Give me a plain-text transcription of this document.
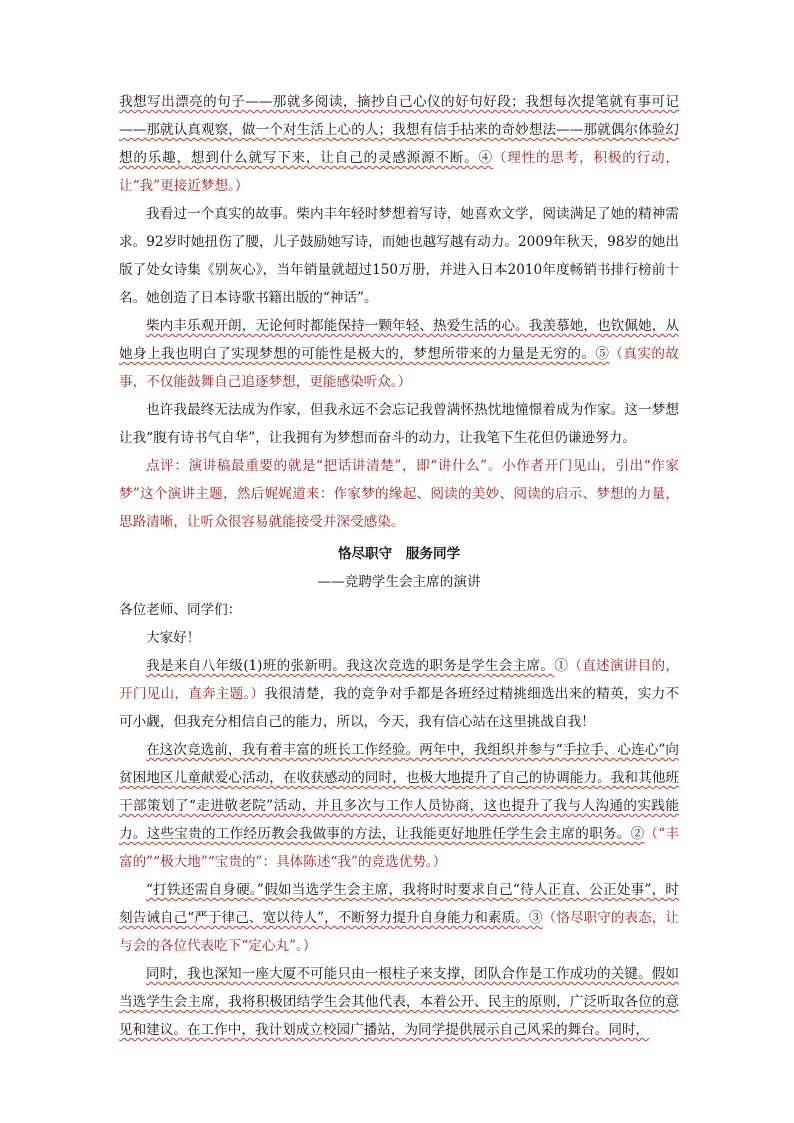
我想写出漂亮的句子——那就多阅读，摘抄自己心仪的好句好段；我想每次提笔就有事可记——那就认真观察，做一个对生活上心的人；我想有信手拈来的奇妙想法——那就偶尔体验幻想的乐趣，想到什么就写下来，让自己的灵感源源不断。④（理性的思考，积极的行动，让“我”更接近梦想。）

我看过一个真实的故事。柴内丰年轻时梦想着写诗，她喜欢文学，阅读满足了她的精神需求。92岁时她扭伤了腰，儿子鼓励她写诗，而她也越写越有动力。2009年秋天，98岁的她出版了处女诗集《别灰心》，当年销量就超过150万册，并进入日本2010年度畅销书排行榜前十名。她创造了日本诗歌书籍出版的“神话”。

柴内丰乐观开朗，无论何时都能保持一颗年轻、热爱生活的心。我羡慕她，也钦佩她，从她身上我也明白了实现梦想的可能性是极大的，梦想所带来的力量是无穷的。⑤（真实的故事，不仅能鼓舞自己追逐梦想，更能感染听众。）

也许我最终无法成为作家，但我永远不会忘记我曾满怀热忱地憧憬着成为作家。这一梦想让我“腹有诗书气自华”，让我拥有为梦想而奋斗的动力，让我笔下生花但仍谦逊努力。

点评：演讲稿最重要的就是“把话讲清楚”，即“讲什么”。小作者开门见山，引出“作家梦”这个演讲主题，然后娓娓道来：作家梦的缘起、阅读的美妙、阅读的启示、梦想的力量，思路清晰，让听众很容易就能接受并深受感染。

恪尽职守　服务同学

——竞聘学生会主席的演讲

各位老师、同学们：

大家好！

我是来自八年级(1)班的张新明。我这次竞选的职务是学生会主席。①（直述演讲目的，开门见山，直奔主题。）我很清楚，我的竞争对手都是各班经过精挑细选出来的精英，实力不可小觑，但我充分相信自己的能力，所以，今天，我有信心站在这里挑战自我！

在这次竞选前，我有着丰富的班长工作经验。两年中，我组织并参与“手拉手、心连心”向贫困地区儿童献爱心活动，在收获感动的同时，也极大地提升了自己的协调能力。我和其他班干部策划了“走进敬老院”活动，并且多次与工作人员协商，这也提升了我与人沟通的实践能力。这些宝贵的工作经历教会我做事的方法，让我能更好地胜任学生会主席的职务。②（“丰富的”“极大地”“宝贵的”：具体陈述“我”的竞选优势。）

“打铁还需自身硬。”假如当选学生会主席，我将时时要求自己“待人正直、公正处事”，时刻告诫自己“严于律己、宽以待人”，不断努力提升自身能力和素质。③（恪尽职守的表态，让与会的各位代表吃下“定心丸”。）

同时，我也深知一座大厦不可能只由一根柱子来支撑，团队合作是工作成功的关键。假如当选学生会主席，我将积极团结学生会其他代表，本着公开、民主的原则，广泛听取各位的意见和建议。在工作中，我计划成立校园广播站，为同学提供展示自己风采的舞台。同时，
